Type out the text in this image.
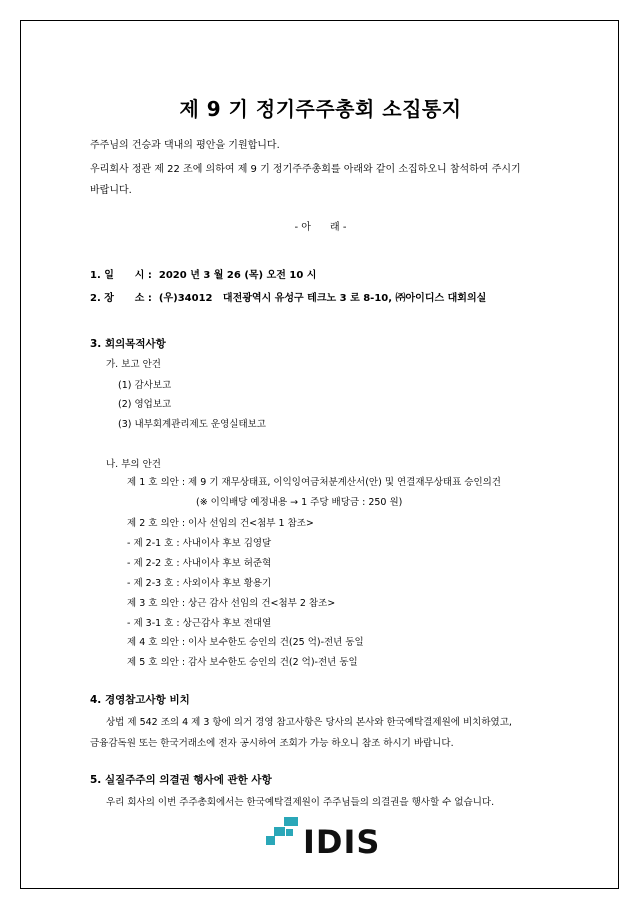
제 9 기 정기주주총회 소집통지
주주님의 건승과 댁내의 평안을 기원합니다.
우리회사 정관 제 22 조에 의하여 제 9 기 정기주주총회를 아래와 같이 소집하오니 참석하여 주시기
바랍니다.
- 아      래 -
1. 일      시 :  2020 년 3 월 26 (목) 오전 10 시
2. 장      소 :  (우)34012   대전광역시 유성구 테크노 3 로 8-10, ㈜아이디스 대회의실
3. 회의목적사항
가. 보고 안건
(1) 감사보고
(2) 영업보고
(3) 내부회계관리제도 운영실태보고
나. 부의 안건
제 1 호 의안 : 제 9 기 재무상태표, 이익잉여금처분계산서(안) 및 연결재무상태표 승인의건
(※ 이익배당 예정내용 → 1 주당 배당금 : 250 원)
제 2 호 의안 : 이사 선임의 건<첨부 1 참조>
- 제 2-1 호 : 사내이사 후보 김영달
- 제 2-2 호 : 사내이사 후보 허준혁
- 제 2-3 호 : 사외이사 후보 황용기
제 3 호 의안 : 상근 감사 선임의 건<첨부 2 참조>
- 제 3-1 호 : 상근감사 후보 전대열
제 4 호 의안 : 이사 보수한도 승인의 건(25 억)-전년 동일
제 5 호 의안 : 감사 보수한도 승인의 건(2 억)-전년 동일
4. 경영참고사항 비치
상법 제 542 조의 4 제 3 항에 의거 경영 참고사항은 당사의 본사와 한국예탁결제원에 비치하였고,
금융감독원 또는 한국거래소에 전자 공시하여 조회가 가능 하오니 참조 하시기 바랍니다.
5. 실질주주의 의결권 행사에 관한 사항
우리 회사의 이번 주주총회에서는 한국예탁결제원이 주주님들의 의결권을 행사할 수 없습니다.
IDIS
